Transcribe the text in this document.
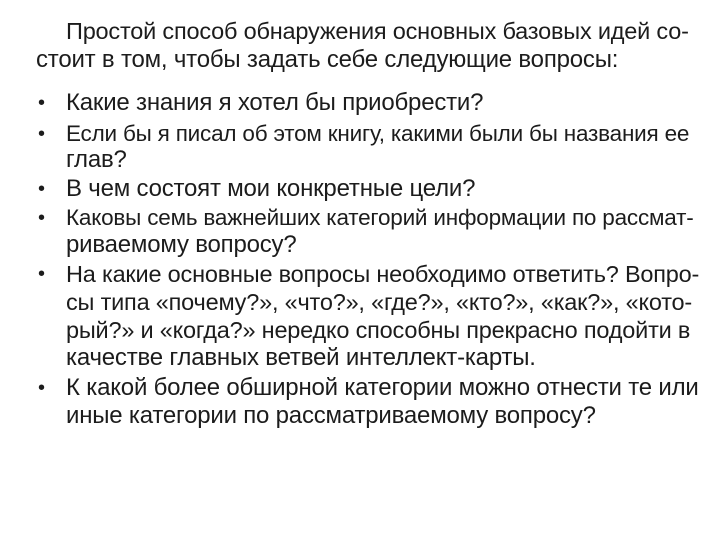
Простой способ обнаружения основных базовых идей со-
стоит в том, чтобы задать себе следующие вопросы:
• Какие знания я хотел бы приобрести?
• Если бы я писал об этом книгу, какими были бы названия ее
глав?
• В чем состоят мои конкретные цели?
• Каковы семь важнейших категорий информации по рассмат-
риваемому вопросу?
• На какие основные вопросы необходимо ответить? Вопро-
сы типа «почему?», «что?», «где?», «кто?», «как?», «кото-
рый?» и «когда?» нередко способны прекрасно подойти в
качестве главных ветвей интеллект-карты.
• К какой более обширной категории можно отнести те или
иные категории по рассматриваемому вопросу?
